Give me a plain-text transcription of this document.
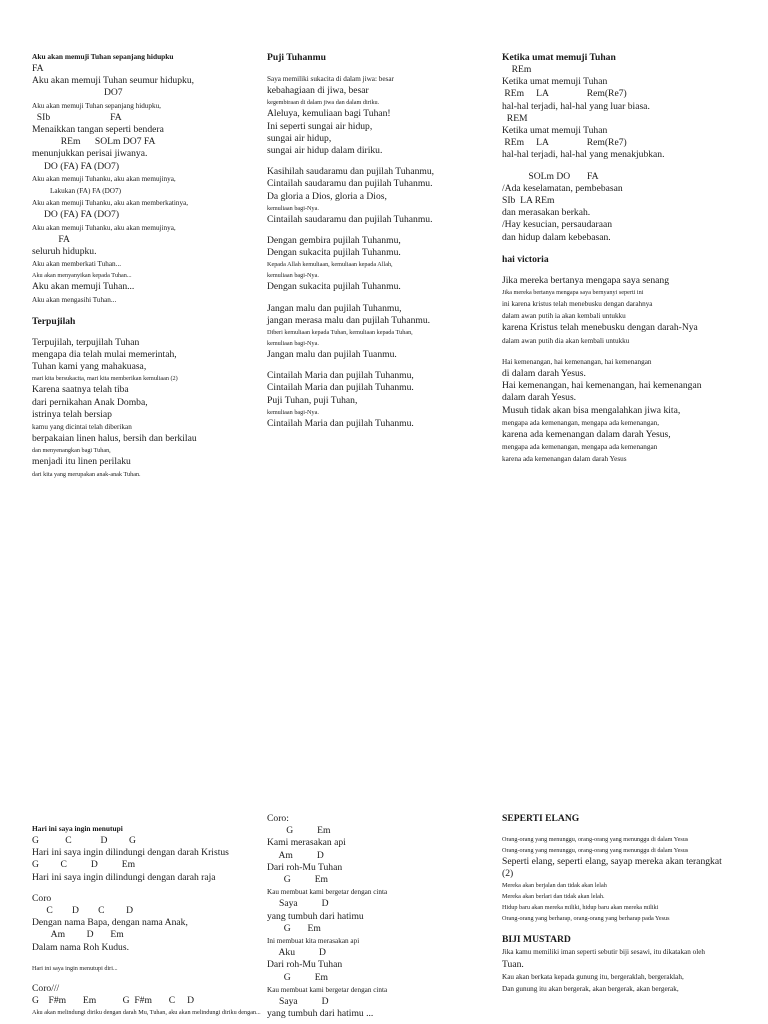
Aku akan memuji Tuhan sepanjang hidupku

FA

Aku akan memuji Tuhan seumur hidupku,

DO7

Aku akan memuji Tuhan sepanjang hidupku,

SIb                         FA

Menaikkan tangan seperti bendera

REm      SOLm DO7 FA

menunjukkan perisai jiwanya.

DO (FA) FA (DO7)

Aku akan memuji Tuhanku, aku akan memujinya,

Lakukan (FA) FA (DO7)

Aku akan memuji Tuhanku, aku akan memberkatinya,

DO (FA) FA (DO7)

Aku akan memuji Tuhanku, aku akan memujinya,

FA

seluruh hidupku.

Aku akan memberkati Tuhan...

Aku akan menyanyikan kepada Tuhan...

Aku akan memuji Tuhan...

Aku akan mengasihi Tuhan...

Terpujilah

Terpujilah, terpujilah Tuhan

mengapa dia telah mulai memerintah,

Tuhan kami yang mahakuasa,

mari kita bersukacita, mari kita memberikan kemuliaan (2)

Karena saatnya telah tiba

dari pernikahan Anak Domba,

istrinya telah bersiap

kamu yang dicintai telah diberikan

berpakaian linen halus, bersih dan berkilau

dan menyenangkan bagi Tuhan,

menjadi itu linen perilaku

dari kita yang merupakan anak-anak Tuhan.

Puji Tuhanmu

Saya memiliki sukacita di dalam jiwa: besar

kebahagiaan di jiwa, besar

kegembiraan di dalam jiwa dan dalam diriku.

Aleluya, kemuliaan bagi Tuhan!

Ini seperti sungai air hidup,

sungai air hidup,

sungai air hidup dalam diriku.

Kasihilah saudaramu dan pujilah Tuhanmu,

Cintailah saudaramu dan pujilah Tuhanmu.

Da gloria a Dios, gloria a Dios,

kemuliaan bagi-Nya.

Cintailah saudaramu dan pujilah Tuhanmu.

Dengan gembira pujilah Tuhanmu,

Dengan sukacita pujilah Tuhanmu.

Kepada Allah kemuliaan, kemuliaan kepada Allah,

kemuliaan bagi-Nya.

Dengan sukacita pujilah Tuhanmu.

Jangan malu dan pujilah Tuhanmu,

jangan merasa malu dan pujilah Tuhanmu.

Diberi kemuliaan kepada Tuhan, kemuliaan kepada Tuhan,

kemuliaan bagi-Nya.

Jangan malu dan pujilah Tuanmu.

Cintailah Maria dan pujilah Tuhanmu,

Cintailah Maria dan pujilah Tuhanmu.

Puji Tuhan, puji Tuhan,

kemuliaan bagi-Nya.

Cintailah Maria dan pujilah Tuhanmu.

Ketika umat memuji Tuhan

REm

Ketika umat memuji Tuhan

REm     LA                Rem(Re7)

hal-hal terjadi, hal-hal yang luar biasa.

REM

Ketika umat memuji Tuhan

REm     LA                Rem(Re7)

hal-hal terjadi, hal-hal yang menakjubkan.

SOLm DO       FA

/Ada keselamatan, pembebasan

SIb  LA REm

dan merasakan berkah.

/Hay kesucian, persaudaraan

dan hidup dalam kebebasan.

hai victoria

Jika mereka bertanya mengapa saya senang

Jika mereka bertanya mengapa saya bernyanyi seperti ini

ini karena kristus telah menebusku dengan darahnya

dalam awan putih ia akan kembali untukku

karena Kristus telah menebusku dengan darah-Nya

dalam awan putih dia akan kembali untukku

Hai kemenangan, hai kemenangan, hai kemenangan

di dalam darah Yesus.

Hai kemenangan, hai kemenangan, hai kemenangan

dalam darah Yesus.

Musuh tidak akan bisa mengalahkan jiwa kita,

mengapa ada kemenangan, mengapa ada kemenangan,

karena ada kemenangan dalam darah Yesus,

mengapa ada kemenangan, mengapa ada kemenangan

karena ada kemenangan dalam darah Yesus

Hari ini saya ingin menutupi

G           C            D         G

Hari ini saya ingin dilindungi dengan darah Kristus

G         C          D          Em

Hari ini saya ingin dilindungi dengan darah raja

Coro

C        D        C         D

Dengan nama Bapa, dengan nama Anak,

Am         D       Em

Dalam nama Roh Kudus.

Hari ini saya ingin menutupi diri...

Coro///

G    F#m       Em           G  F#m       C     D

Aku akan melindungi diriku dengan darah Mu, Tuhan, aku akan melindungi diriku dengan...

Coro:

G          Em

Kami merasakan api

Am          D

Dari roh-Mu Tuhan

G          Em

Kau membuat kami bergetar dengan cinta

Saya          D

yang tumbuh dari hatimu

G       Em

Ini membuat kita merasakan api

Aku          D

Dari roh-Mu Tuhan

G          Em

Kau membuat kami bergetar dengan cinta

Saya          D

yang tumbuh dari hatimu ...

SEPERTI ELANG

Orang-orang yang menunggu, orang-orang yang menunggu di dalam Yesus

Orang-orang yang menunggu, orang-orang yang menunggu di dalam Yesus

Seperti elang, seperti elang, sayap mereka akan terangkat

(2)

Mereka akan berjalan dan tidak akan lelah

Mereka akan berlari dan tidak akan lelah.

Hidup baru akan mereka miliki, hidup baru akan mereka miliki

Orang-orang yang berharap, orang-orang yang berharap pada Yesus

BIJI MUSTARD

Jika kamu memiliki iman seperti sebutir biji sesawi, itu dikatakan oleh

Tuan.

Kau akan berkata kepada gunung itu, bergeraklah, bergeraklah,

Dan gunung itu akan bergerak, akan bergerak, akan bergerak,
